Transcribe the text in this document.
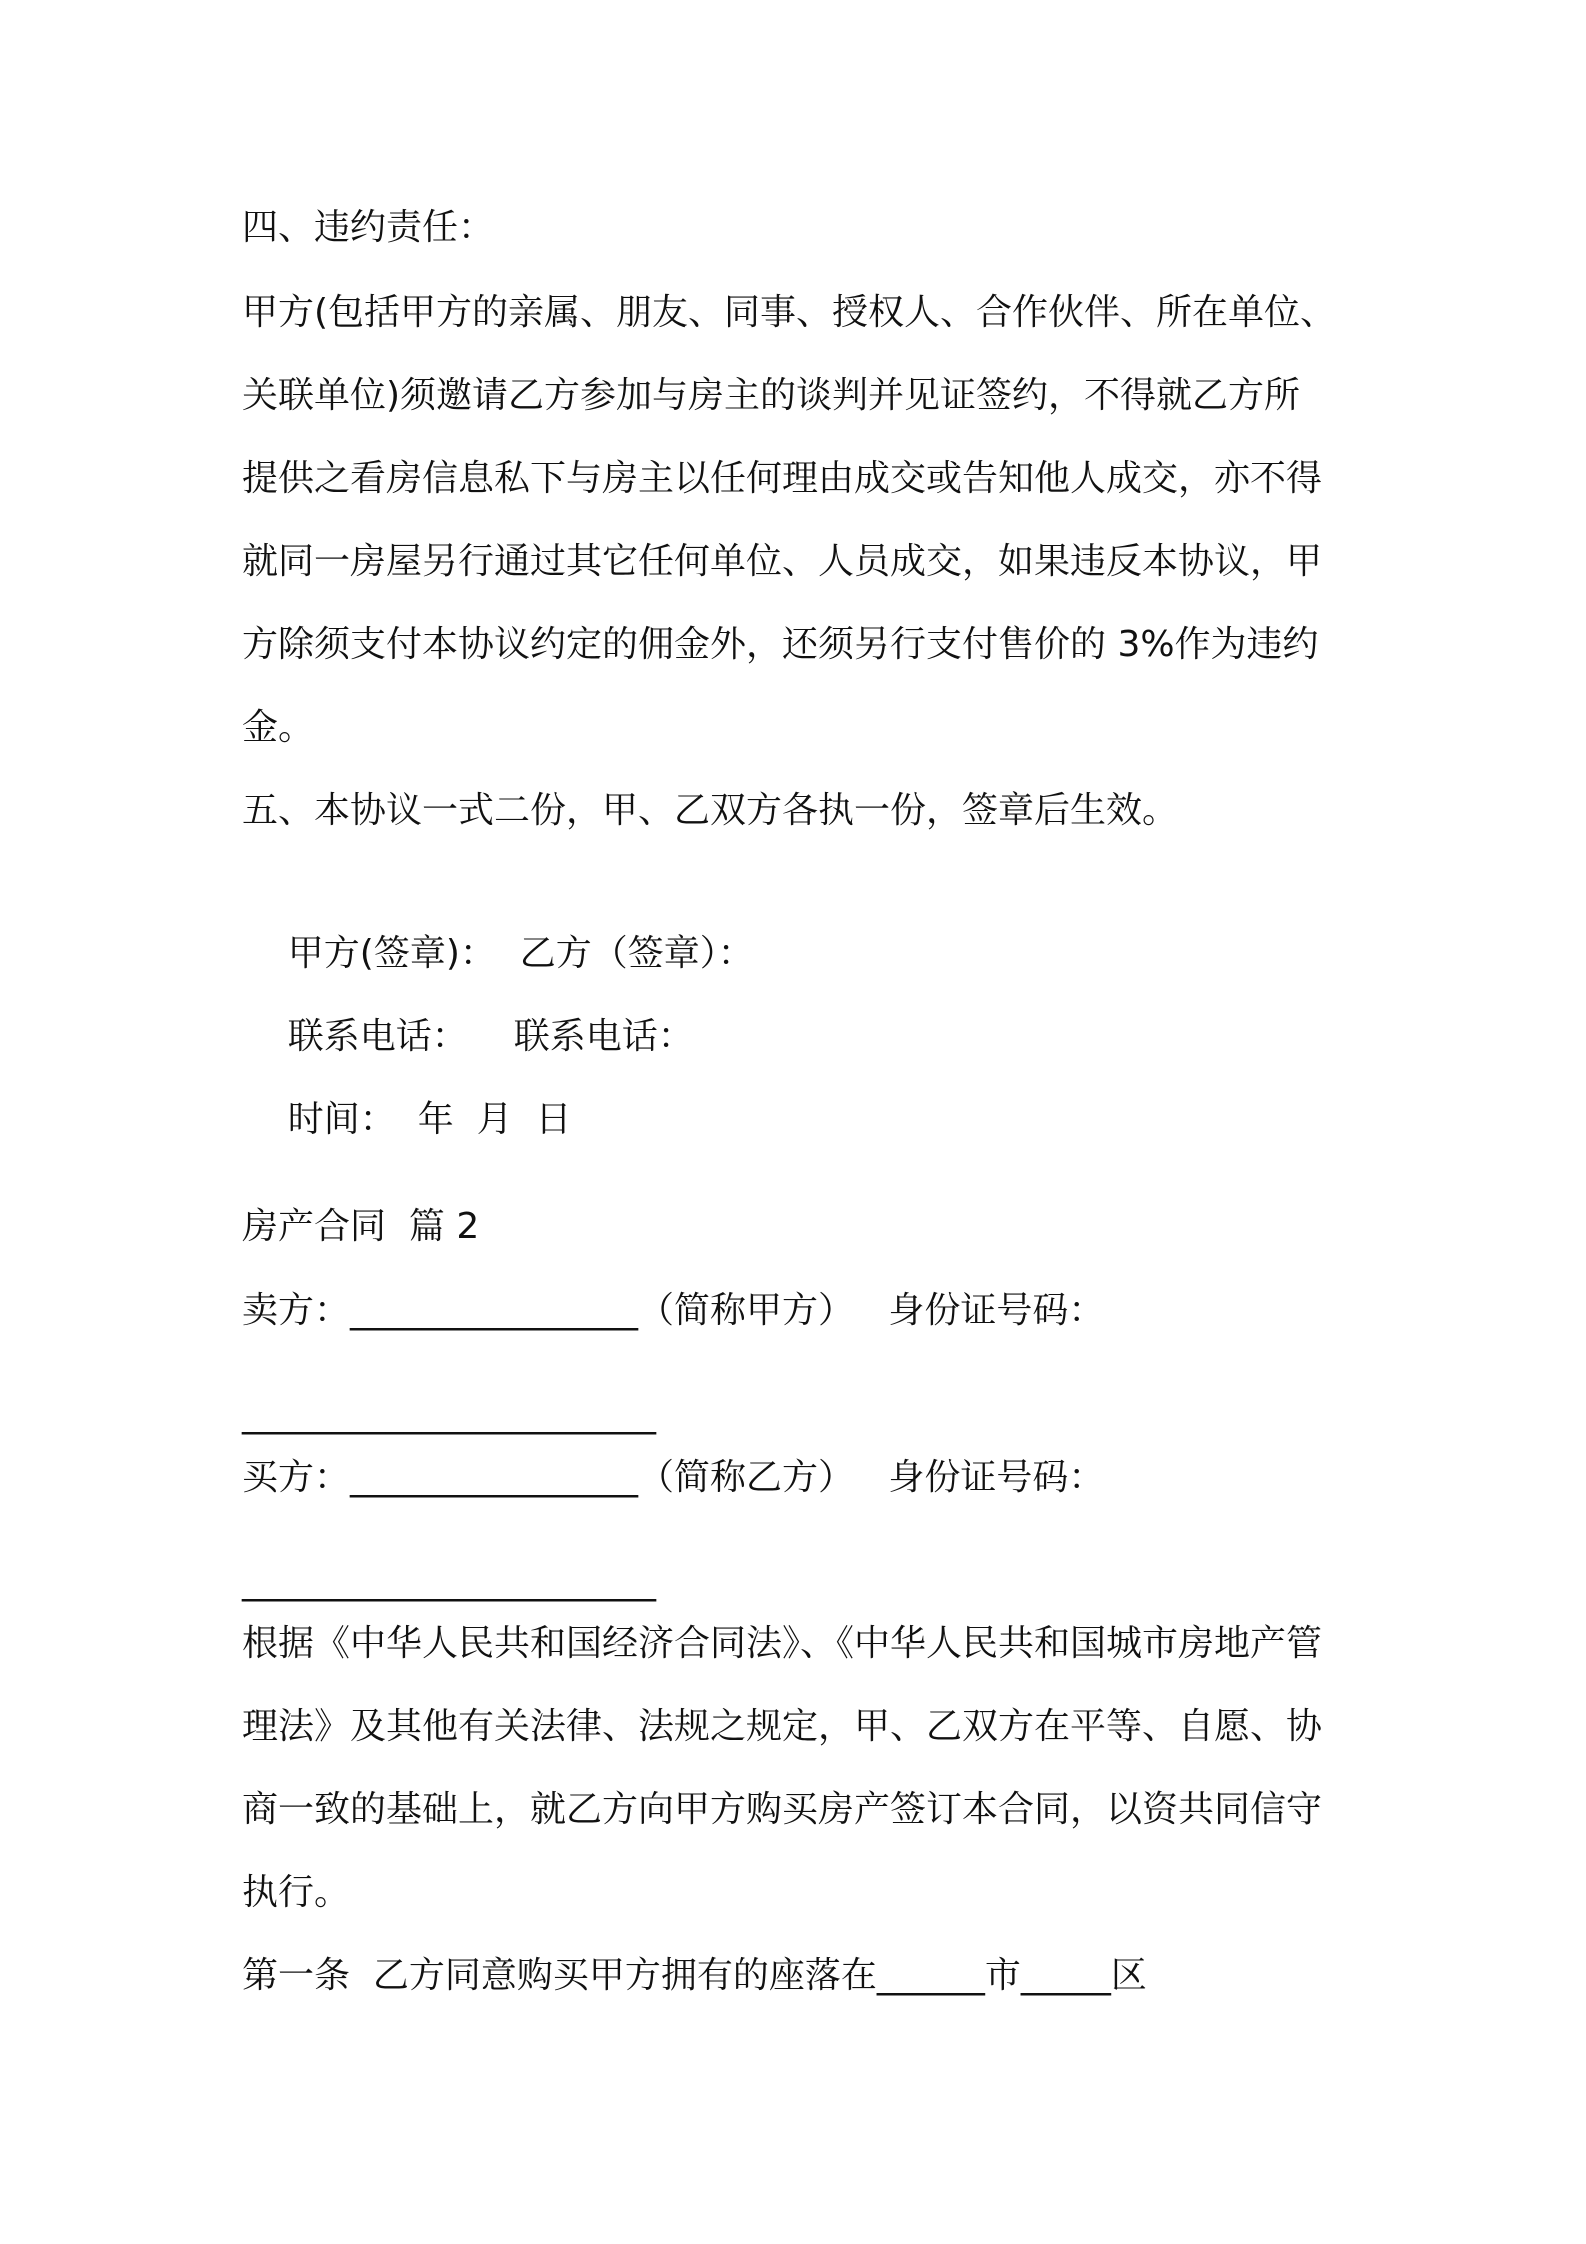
四、违约责任：
甲方(包括甲方的亲属、朋友、同事、授权人、合作伙伴、所在单位、
关联单位)须邀请乙方参加与房主的谈判并见证签约，不得就乙方所
提供之看房信息私下与房主以任何理由成交或告知他人成交，亦不得
就同一房屋另行通过其它任何单位、人员成交，如果违反本协议，甲
方除须支付本协议约定的佣金外，还须另行支付售价的 3%作为违约
金。
五、本协议一式二份，甲、乙双方各执一份，签章后生效。

甲方(签章)： 乙方（签章）：

联系电话： 联系电话：

时间： 年  月  日

房产合同  篇 2
卖方：________________（简称甲方）   身份证号码：
_______________________
买方：________________（简称乙方）   身份证号码：
_______________________
根据《中华人民共和国经济合同法》、《中华人民共和国城市房地产管
理法》及其他有关法律、法规之规定，甲、乙双方在平等、自愿、协
商一致的基础上，就乙方向甲方购买房产签订本合同，以资共同信守
执行。
第一条  乙方同意购买甲方拥有的座落在______市_____区
